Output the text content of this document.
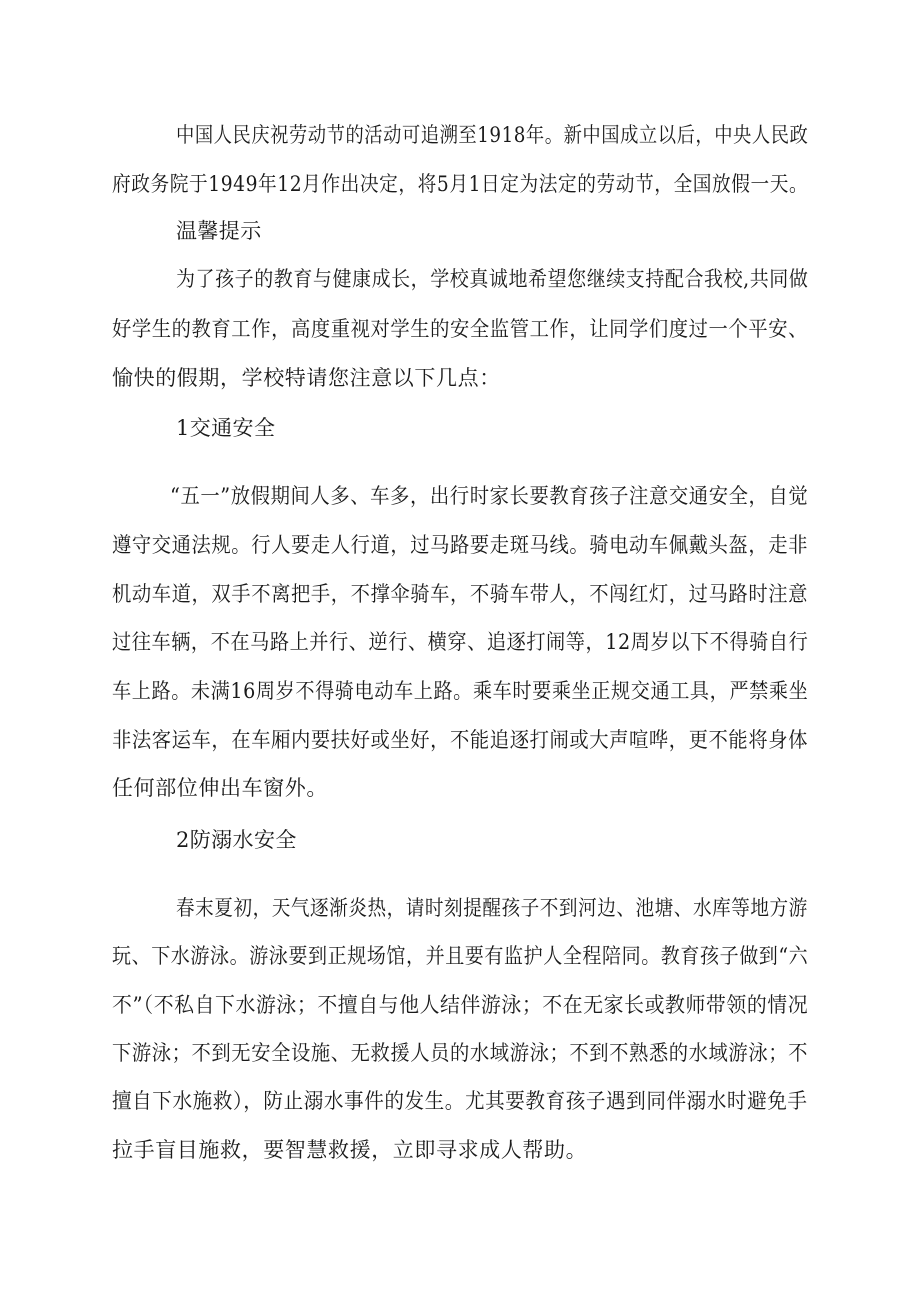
中国人民庆祝劳动节的活动可追溯至1918年。新中国成立以后，中央人民政
府政务院于1949年12月作出决定，将5月1日定为法定的劳动节，全国放假一天。
温馨提示
为了孩子的教育与健康成长，学校真诚地希望您继续支持配合我校,共同做
好学生的教育工作，高度重视对学生的安全监管工作，让同学们度过一个平安、
愉快的假期，学校特请您注意以下几点：
1交通安全
“五一”放假期间人多、车多，出行时家长要教育孩子注意交通安全，自觉
遵守交通法规。行人要走人行道，过马路要走斑马线。骑电动车佩戴头盔，走非
机动车道，双手不离把手，不撑伞骑车，不骑车带人，不闯红灯，过马路时注意
过往车辆，不在马路上并行、逆行、横穿、追逐打闹等，12周岁以下不得骑自行
车上路。未满16周岁不得骑电动车上路。乘车时要乘坐正规交通工具，严禁乘坐
非法客运车，在车厢内要扶好或坐好，不能追逐打闹或大声喧哗，更不能将身体
任何部位伸出车窗外。
2防溺水安全
春末夏初，天气逐渐炎热，请时刻提醒孩子不到河边、池塘、水库等地方游
玩、下水游泳。游泳要到正规场馆，并且要有监护人全程陪同。教育孩子做到“六
不”（不私自下水游泳；不擅自与他人结伴游泳；不在无家长或教师带领的情况
下游泳；不到无安全设施、无救援人员的水域游泳；不到不熟悉的水域游泳；不
擅自下水施救），防止溺水事件的发生。尤其要教育孩子遇到同伴溺水时避免手
拉手盲目施救，要智慧救援，立即寻求成人帮助。
